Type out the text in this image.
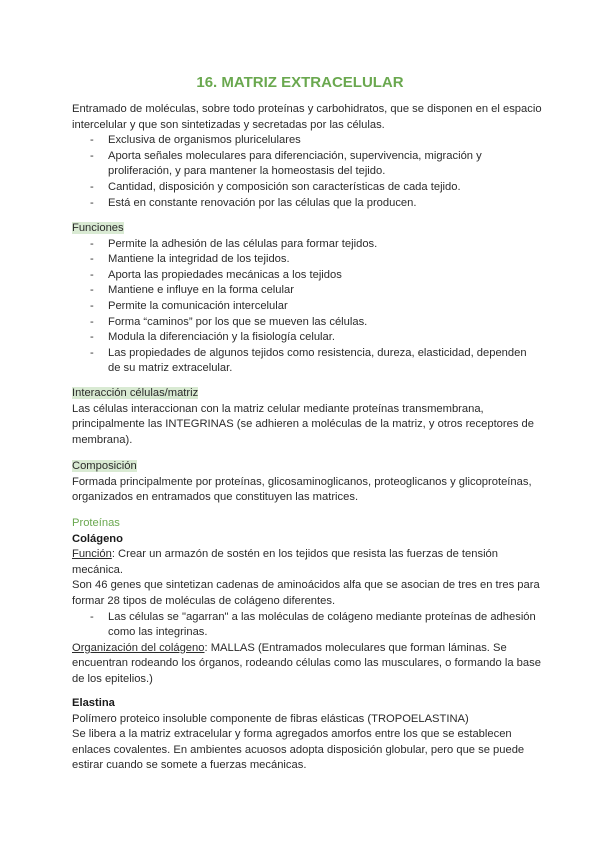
16. MATRIZ EXTRACELULAR

Entramado de moléculas, sobre todo proteínas y carbohidratos, que se disponen en el espacio intercelular y que son sintetizadas y secretadas por las células.

- Exclusiva de organismos pluricelulares
- Aporta señales moleculares para diferenciación, supervivencia, migración y proliferación, y para mantener la homeostasis del tejido.
- Cantidad, disposición y composición son características de cada tejido.
- Está en constante renovación por las células que la producen.

Funciones

- Permite la adhesión de las células para formar tejidos.
- Mantiene la integridad de los tejidos.
- Aporta las propiedades mecánicas a los tejidos
- Mantiene e influye en la forma celular
- Permite la comunicación intercelular
- Forma “caminos” por los que se mueven las células.
- Modula la diferenciación y la fisiología celular.
- Las propiedades de algunos tejidos como resistencia, dureza, elasticidad, dependen de su matriz extracelular.

Interacción células/matriz

Las células interaccionan con la matriz celular mediante proteínas transmembrana, principalmente las INTEGRINAS (se adhieren a moléculas de la matriz, y otros receptores de membrana).

Composición

Formada principalmente por proteínas, glicosaminoglicanos, proteoglicanos y glicoproteínas, organizados en entramados que constituyen las matrices.

Proteínas

Colágeno

Función: Crear un armazón de sostén en los tejidos que resista las fuerzas de tensión mecánica.

Son 46 genes que sintetizan cadenas de aminoácidos alfa que se asocian de tres en tres para formar 28 tipos de moléculas de colágeno diferentes.

- Las células se "agarran" a las moléculas de colágeno mediante proteínas de adhesión como las integrinas.

Organización del colágeno: MALLAS (Entramados moleculares que forman láminas. Se encuentran rodeando los órganos, rodeando células como las musculares, o formando la base de los epitelios.)

Elastina

Polímero proteico insoluble componente de fibras elásticas (TROPOELASTINA)

Se libera a la matriz extracelular y forma agregados amorfos entre los que se establecen enlaces covalentes. En ambientes acuosos adopta disposición globular, pero que se puede estirar cuando se somete a fuerzas mecánicas.
